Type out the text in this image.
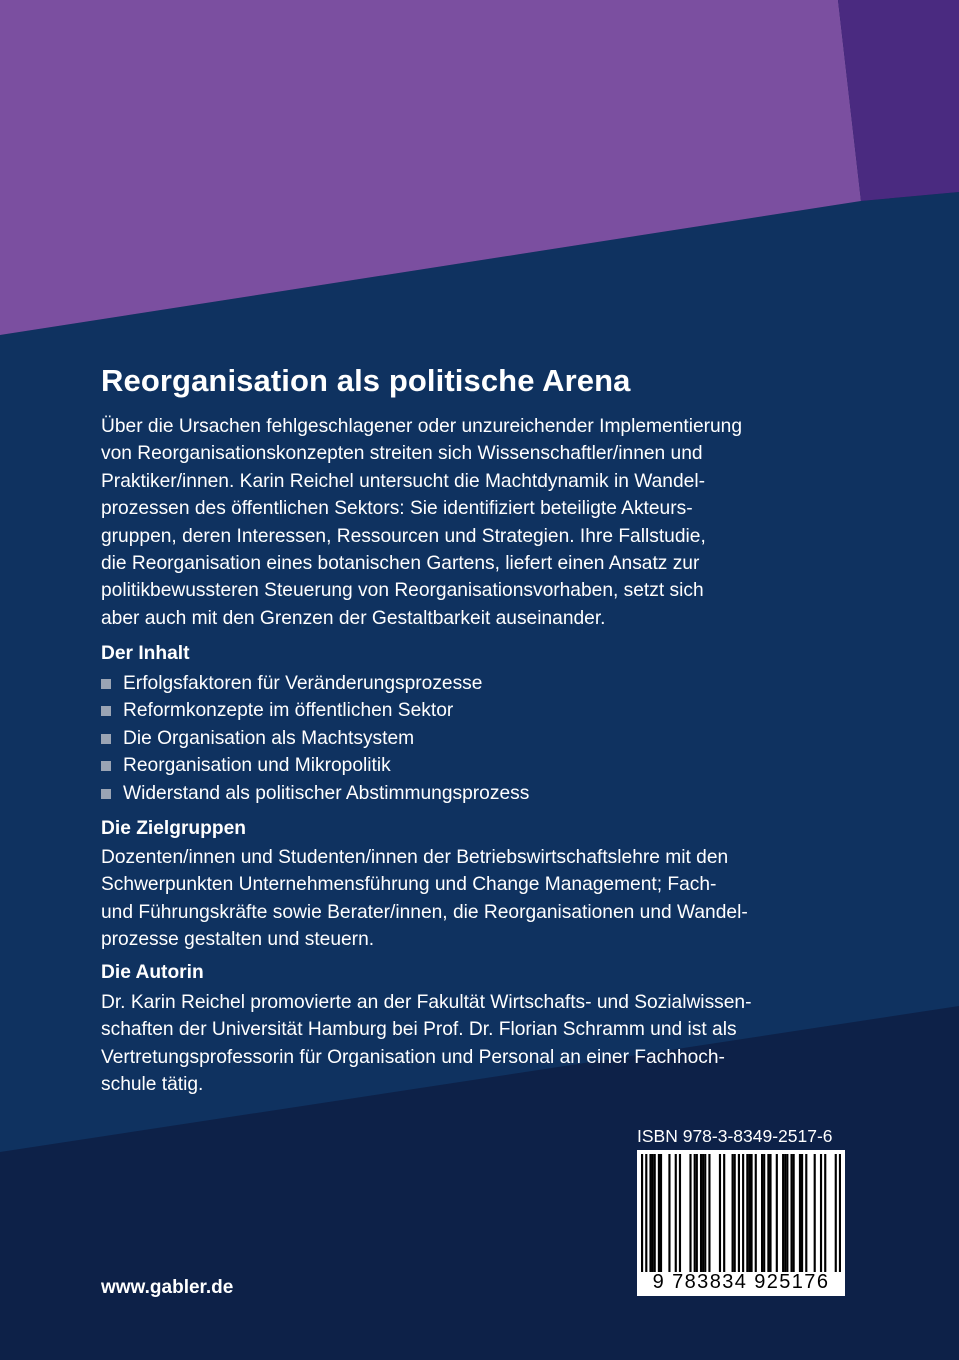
Reorganisation als politische Arena
Über die Ursachen fehlgeschlagener oder unzureichender Implementierung
von Reorganisationskonzepten streiten sich Wissenschaftler/innen und
Praktiker/innen. Karin Reichel untersucht die Machtdynamik in Wandel-
prozessen des öffentlichen Sektors: Sie identifiziert beteiligte Akteurs-
gruppen, deren Interessen, Ressourcen und Strategien. Ihre Fallstudie,
die Reorganisation eines botanischen Gartens, liefert einen Ansatz zur
politikbewussteren Steuerung von Reorganisationsvorhaben, setzt sich
aber auch mit den Grenzen der Gestaltbarkeit auseinander.
Der Inhalt
Erfolgsfaktoren für Veränderungsprozesse
Reformkonzepte im öffentlichen Sektor
Die Organisation als Machtsystem
Reorganisation und Mikropolitik
Widerstand als politischer Abstimmungsprozess
Die Zielgruppen
Dozenten/innen und Studenten/innen der Betriebswirtschaftslehre mit den
Schwerpunkten Unternehmensführung und Change Management; Fach-
und Führungskräfte sowie Berater/innen, die Reorganisationen und Wandel-
prozesse gestalten und steuern.
Die Autorin
Dr. Karin Reichel promovierte an der Fakultät Wirtschafts- und Sozialwissen-
schaften der Universität Hamburg bei Prof. Dr. Florian Schramm und ist als
Vertretungsprofessorin für Organisation und Personal an einer Fachhoch-
schule tätig.
www.gabler.de
ISBN 978-3-8349-2517-6
9 783834 925176
